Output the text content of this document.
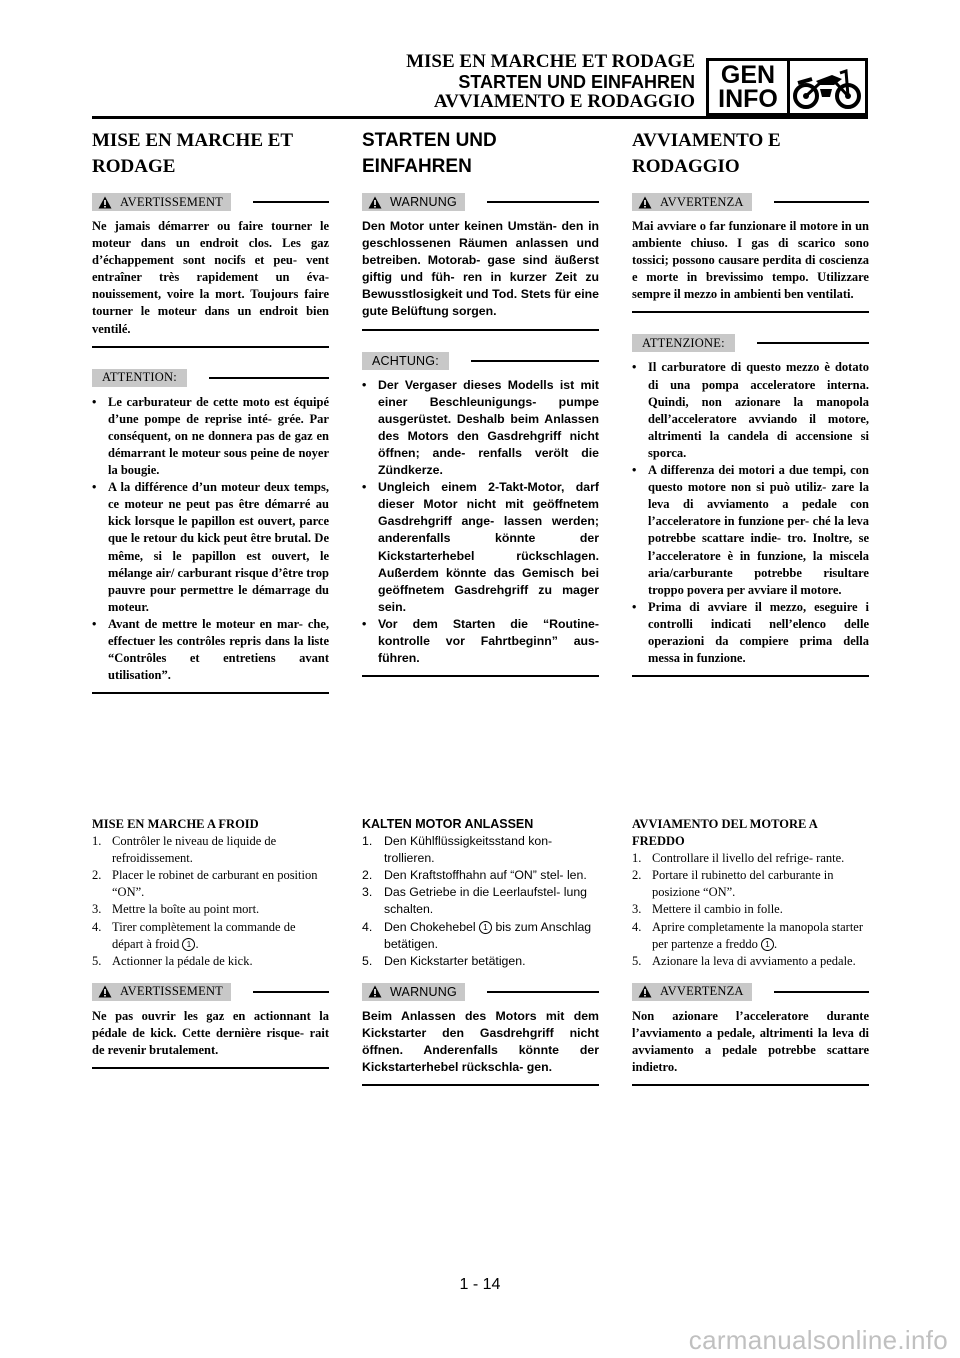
MISE EN MARCHE ET RODAGE
STARTEN UND EINFAHREN
AVVIAMENTO E RODAGGIO
GEN
INFO
MISE EN MARCHE ET RODAGE
AVERTISSEMENT
Ne jamais démarrer ou faire tourner le moteur dans un endroit clos. Les gaz d’échappement sont nocifs et peu- vent entraîner très rapidement un éva- nouissement, voire la mort. Toujours faire tourner le moteur dans un endroit bien ventilé.
ATTENTION:
• Le carburateur de cette moto est équipé d’une pompe de reprise inté- grée. Par conséquent, on ne donnera pas de gaz en démarrant le moteur sous peine de noyer la bougie.
• A la différence d’un moteur deux temps, ce moteur ne peut pas être démarré au kick lorsque le papillon est ouvert, parce que le retour du kick peut être brutal. De même, si le papillon est ouvert, le mélange air/ carburant risque d’être trop pauvre pour permettre le démarrage du moteur.
• Avant de mettre le moteur en mar- che, effectuer les contrôles repris dans la liste “Contrôles et entretiens avant utilisation”.
STARTEN UND EINFAHREN
WARNUNG
Den Motor unter keinen Umstän- den in geschlossenen Räumen anlassen und betreiben. Motorab- gase sind äußerst giftig und füh- ren in kurzer Zeit zu Bewusstlosigkeit und Tod. Stets für eine gute Belüftung sorgen.
ACHTUNG:
• Der Vergaser dieses Modells ist mit einer Beschleunigungs- pumpe ausgerüstet. Deshalb beim Anlassen des Motors den Gasdrehgriff nicht öffnen; ande- renfalls verölt die Zündkerze.
• Ungleich einem 2-Takt-Motor, darf dieser Motor nicht mit geöffnetem Gasdrehgriff ange- lassen werden; anderenfalls könnte der Kickstarterhebel rückschlagen. Außerdem könnte das Gemisch bei geöffnetem Gasdrehgriff zu mager sein.
• Vor dem Starten die “Routine- kontrolle vor Fahrtbeginn” aus- führen.
AVVIAMENTO E RODAGGIO
AVVERTENZA
Mai avviare o far funzionare il motore in un ambiente chiuso. I gas di scarico sono tossici; possono causare perdita di coscienza e morte in brevissimo tempo. Utilizzare sempre il mezzo in ambienti ben ventilati.
ATTENZIONE:
• Il carburatore di questo mezzo è dotato di una pompa acceleratore interna. Quindi, non azionare la manopola dell’acceleratore avviando il motore, altrimenti la candela di accensione si sporca.
• A differenza dei motori a due tempi, con questo motore non si può utiliz- zare la leva di avviamento a pedale con l’acceleratore in funzione per- ché la leva potrebbe scattare indie- tro. Inoltre, se l’acceleratore è in funzione, la miscela aria/carburante potrebbe risultare troppo povera per avviare il motore.
• Prima di avviare il mezzo, eseguire i controlli indicati nell’elenco delle operazioni da compiere prima della messa in funzione.
MISE EN MARCHE A FROID
1. Contrôler le niveau de liquide de refroidissement.
2. Placer le robinet de carburant en position “ON”.
3. Mettre la boîte au point mort.
4. Tirer complètement la commande de départ à froid 1 .
5. Actionner la pédale de kick.
AVERTISSEMENT
Ne pas ouvrir les gaz en actionnant la pédale de kick. Cette dernière risque- rait de revenir brutalement.
KALTEN MOTOR ANLASSEN
1. Den Kühlflüssigkeitsstand kon- trollieren.
2. Den Kraftstoffhahn auf “ON” stel- len.
3. Das Getriebe in die Leerlaufstel- lung schalten.
4. Den Chokehebel 1 bis zum Anschlag betätigen.
5. Den Kickstarter betätigen.
WARNUNG
Beim Anlassen des Motors mit dem Kickstarter den Gasdrehgriff nicht öffnen. Anderenfalls könnte der Kickstarterhebel rückschla- gen.
AVVIAMENTO DEL MOTORE A FREDDO
1. Controllare il livello del refrige- rante.
2. Portare il rubinetto del carburante in posizione “ON”.
3. Mettere il cambio in folle.
4. Aprire completamente la manopola starter per partenze a freddo 1 .
5. Azionare la leva di avviamento a pedale.
AVVERTENZA
Non azionare l’acceleratore durante l’avviamento a pedale, altrimenti la leva di avviamento a pedale potrebbe scattare indietro.
1 - 14
carmanualsonline.info
